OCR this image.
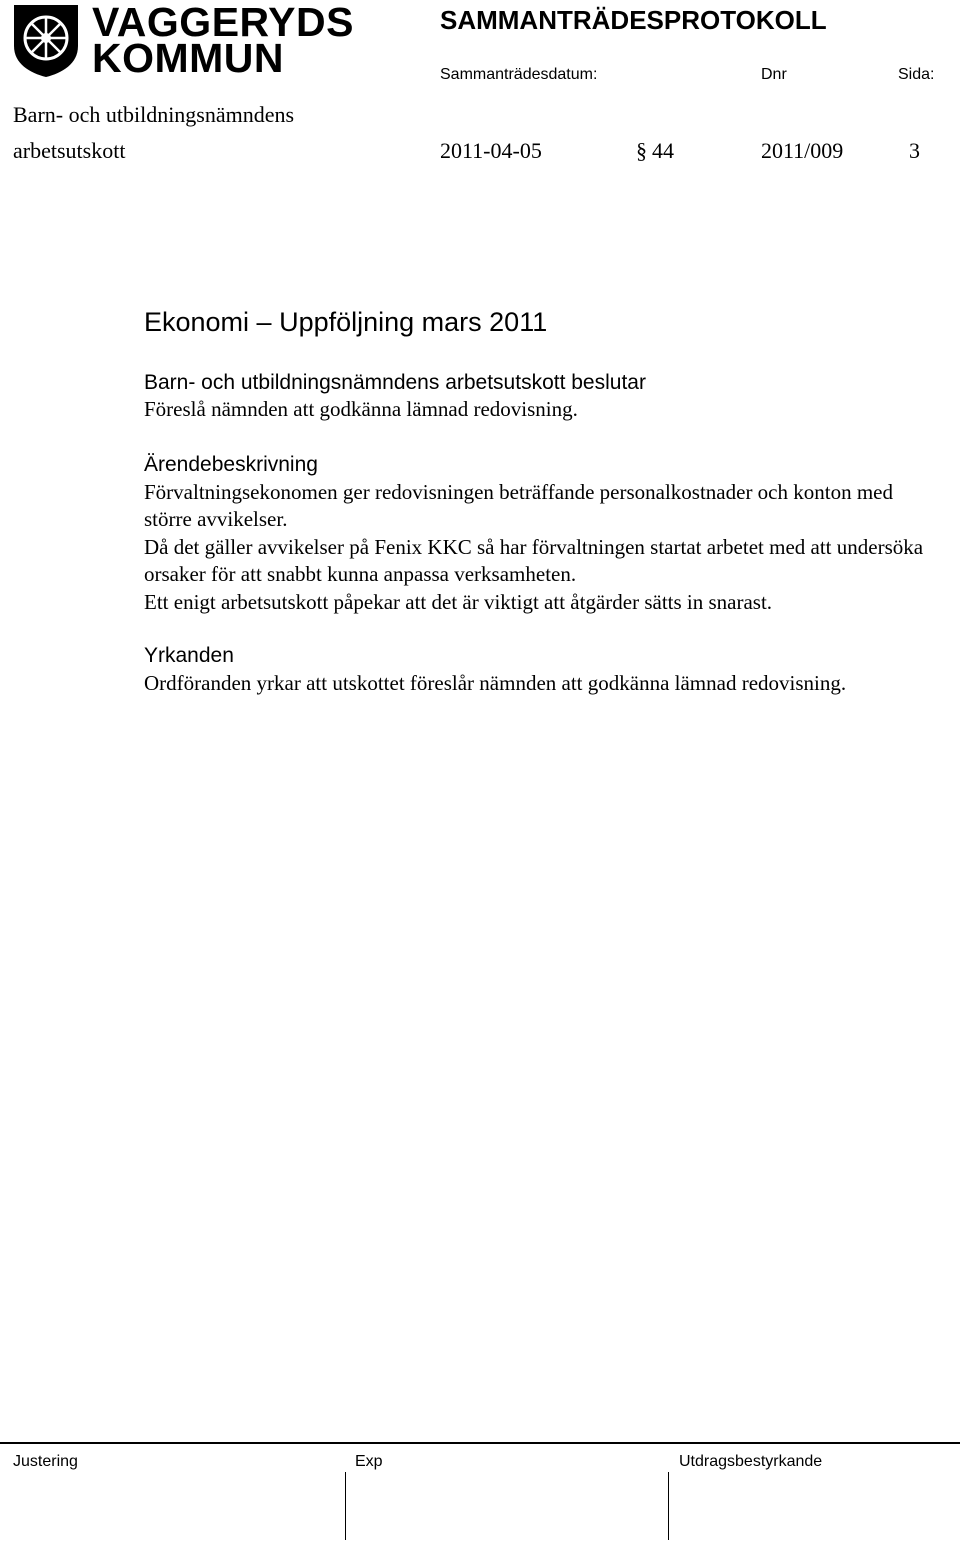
VAGGERYDS
KOMMUN
SAMMANTRÄDESPROTOKOLL
Sammanträdesdatum:	Dnr	Sida:
Barn- och utbildningsnämndens
arbetsutskott	2011-04-05	§ 44	2011/009	3
Ekonomi – Uppföljning mars 2011
Barn- och utbildningsnämndens arbetsutskott beslutar
Föreslå nämnden att godkänna lämnad redovisning.
Ärendebeskrivning
Förvaltningsekonomen ger redovisningen beträffande personalkostnader och konton med större avvikelser.
Då det gäller avvikelser på Fenix KKC så har förvaltningen startat arbetet med att undersöka orsaker för att snabbt kunna anpassa verksamheten.
Ett enigt arbetsutskott påpekar att det är viktigt att åtgärder sätts in snarast.
Yrkanden
Ordföranden yrkar att utskottet föreslår nämnden att godkänna lämnad redovisning.
Justering	Exp	Utdragsbestyrkande
